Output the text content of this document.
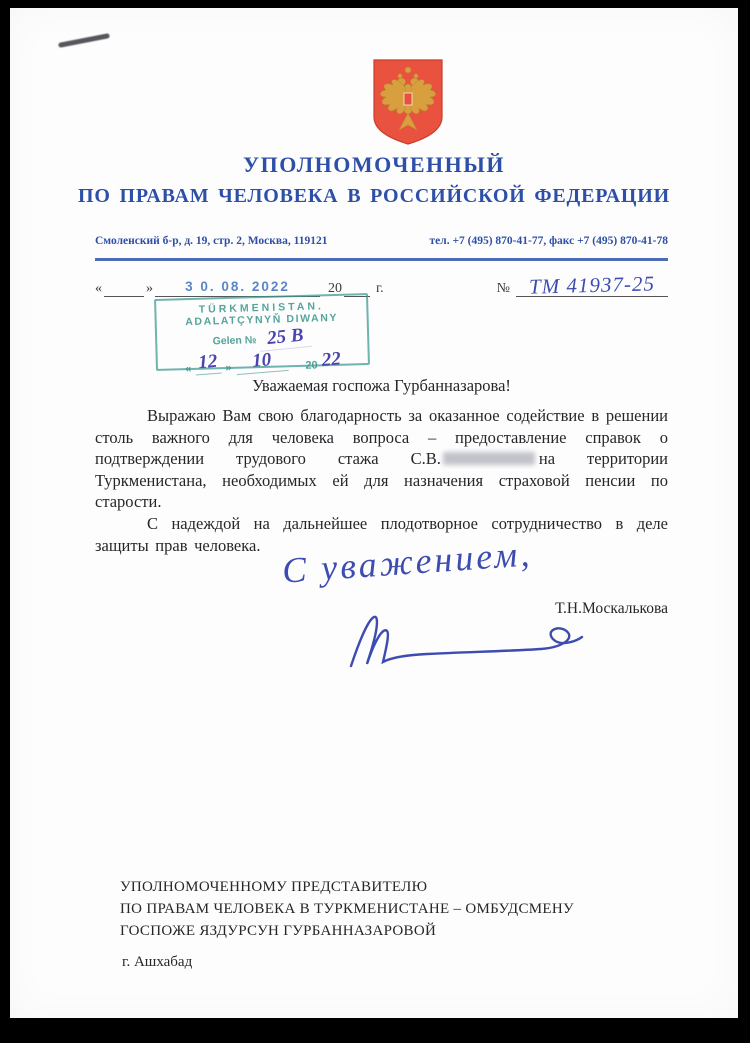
УПОЛНОМОЧЕННЫЙ
ПО ПРАВАМ ЧЕЛОВЕКА В РОССИЙСКОЙ ФЕДЕРАЦИИ
Смоленский б-р, д. 19, стр. 2, Москва, 119121	тел. +7 (495) 870-41-77, факс +7 (495) 870-41-78
«	»	3 0. 08. 2022	20 г.	№ ТМ 41937-25
TÜRKMENISTAN.
ADALATÇYNYŇ DIWANY
Gelen № 25 В
« 12 »	10	20 22
Уважаемая госпожа Гурбанназарова!

Выражаю Вам свою благодарность за оказанное содействие в решении столь важного для человека вопроса – предоставление справок о подтверждении трудового стажа С.В.	на территории Туркменистана, необходимых ей для назначения страховой пенсии по старости.

С надеждой на дальнейшее плодотворное сотрудничество в деле защиты прав человека. С уважением,
Т.Н.Москалькова
УПОЛНОМОЧЕННОМУ ПРЕДСТАВИТЕЛЮ
ПО ПРАВАМ ЧЕЛОВЕКА В ТУРКМЕНИСТАНЕ – ОМБУДСМЕНУ
ГОСПОЖЕ ЯЗДУРСУН ГУРБАННАЗАРОВОЙ
г. Ашхабад
